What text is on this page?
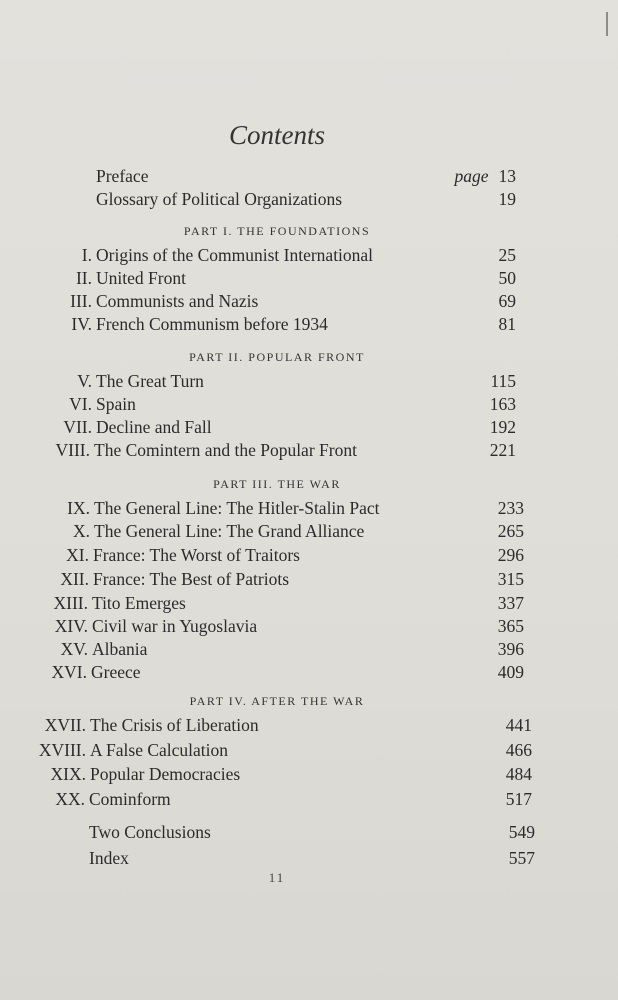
Contents
Preface	page 13
Glossary of Political Organizations	19
PART I. THE FOUNDATIONS
I. Origins of the Communist International	25
II. United Front	50
III. Communists and Nazis	69
IV. French Communism before 1934	81
PART II. POPULAR FRONT
V. The Great Turn	115
VI. Spain	163
VII. Decline and Fall	192
VIII. The Comintern and the Popular Front	221
PART III. THE WAR
IX. The General Line: The Hitler-Stalin Pact	233
X. The General Line: The Grand Alliance	265
XI. France: The Worst of Traitors	296
XII. France: The Best of Patriots	315
XIII. Tito Emerges	337
XIV. Civil war in Yugoslavia	365
XV. Albania	396
XVI. Greece	409
PART IV. AFTER THE WAR
XVII. The Crisis of Liberation	441
XVIII. A False Calculation	466
XIX. Popular Democracies	484
XX. Cominform	517
Two Conclusions	549
Index	557
11
